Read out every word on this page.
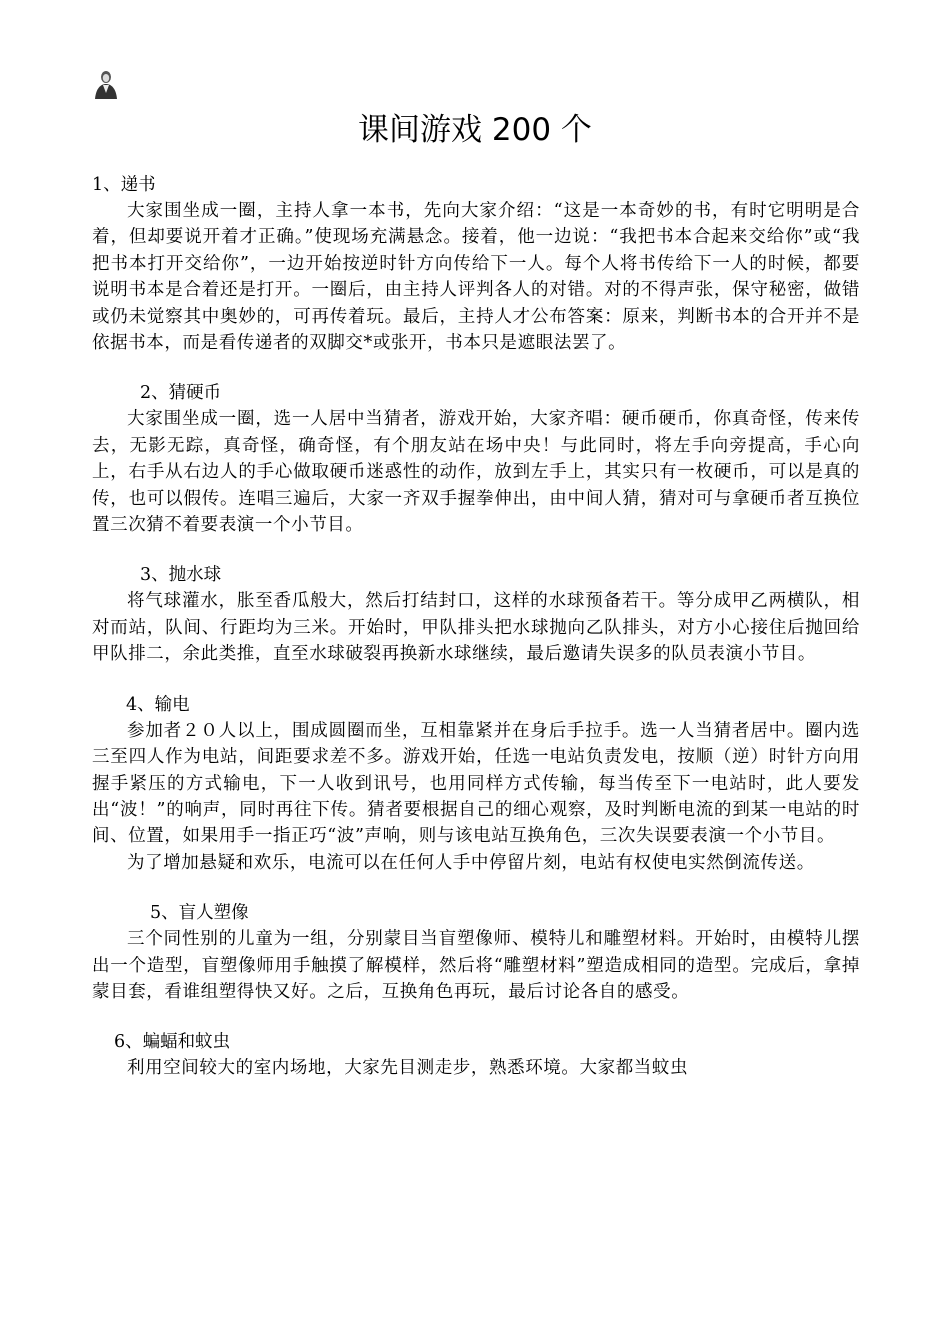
课间游戏 200 个
1、递书

大家围坐成一圈，主持人拿一本书，先向大家介绍：“这是一本奇妙的书，有时它明明是合着，但却要说开着才正确。”使现场充满悬念。接着，他一边说：“我把书本合起来交给你”或“我把书本打开交给你”，一边开始按逆时针方向传给下一人。每个人将书传给下一人的时候，都要说明书本是合着还是打开。一圈后，由主持人评判各人的对错。对的不得声张，保守秘密，做错或仍未觉察其中奥妙的，可再传着玩。最后，主持人才公布答案：原来，判断书本的合开并不是依据书本，而是看传递者的双脚交*或张开，书本只是遮眼法罢了。

2、猜硬币

大家围坐成一圈，选一人居中当猜者，游戏开始，大家齐唱：硬币硬币，你真奇怪，传来传去，无影无踪，真奇怪，确奇怪，有个朋友站在场中央！与此同时，将左手向旁提高，手心向上，右手从右边人的手心做取硬币迷惑性的动作，放到左手上，其实只有一枚硬币，可以是真的传，也可以假传。连唱三遍后，大家一齐双手握拳伸出，由中间人猜，猜对可与拿硬币者互换位置三次猜不着要表演一个小节目。

3、抛水球

将气球灌水，胀至香瓜般大，然后打结封口，这样的水球预备若干。等分成甲乙两横队，相对而站，队间、行距均为三米。开始时，甲队排头把水球抛向乙队排头，对方小心接住后抛回给甲队排二，余此类推，直至水球破裂再换新水球继续，最后邀请失误多的队员表演小节目。

4、输电

参加者２０人以上，围成圆圈而坐，互相靠紧并在身后手拉手。选一人当猜者居中。圈内选三至四人作为电站，间距要求差不多。游戏开始，任选一电站负责发电，按顺（逆）时针方向用握手紧压的方式输电，下一人收到讯号，也用同样方式传输，每当传至下一电站时，此人要发出“波！”的响声，同时再往下传。猜者要根据自己的细心观察，及时判断电流的到某一电站的时间、位置，如果用手一指正巧“波”声响，则与该电站互换角色，三次失误要表演一个小节目。

为了增加悬疑和欢乐，电流可以在任何人手中停留片刻，电站有权使电实然倒流传送。

5、盲人塑像

三个同性别的儿童为一组，分别蒙目当盲塑像师、模特儿和雕塑材料。开始时，由模特儿摆出一个造型，盲塑像师用手触摸了解模样，然后将“雕塑材料”塑造成相同的造型。完成后，拿掉蒙目套，看谁组塑得快又好。之后，互换角色再玩，最后讨论各自的感受。

6、蝙蝠和蚊虫

利用空间较大的室内场地，大家先目测走步，熟悉环境。大家都当蚊虫
